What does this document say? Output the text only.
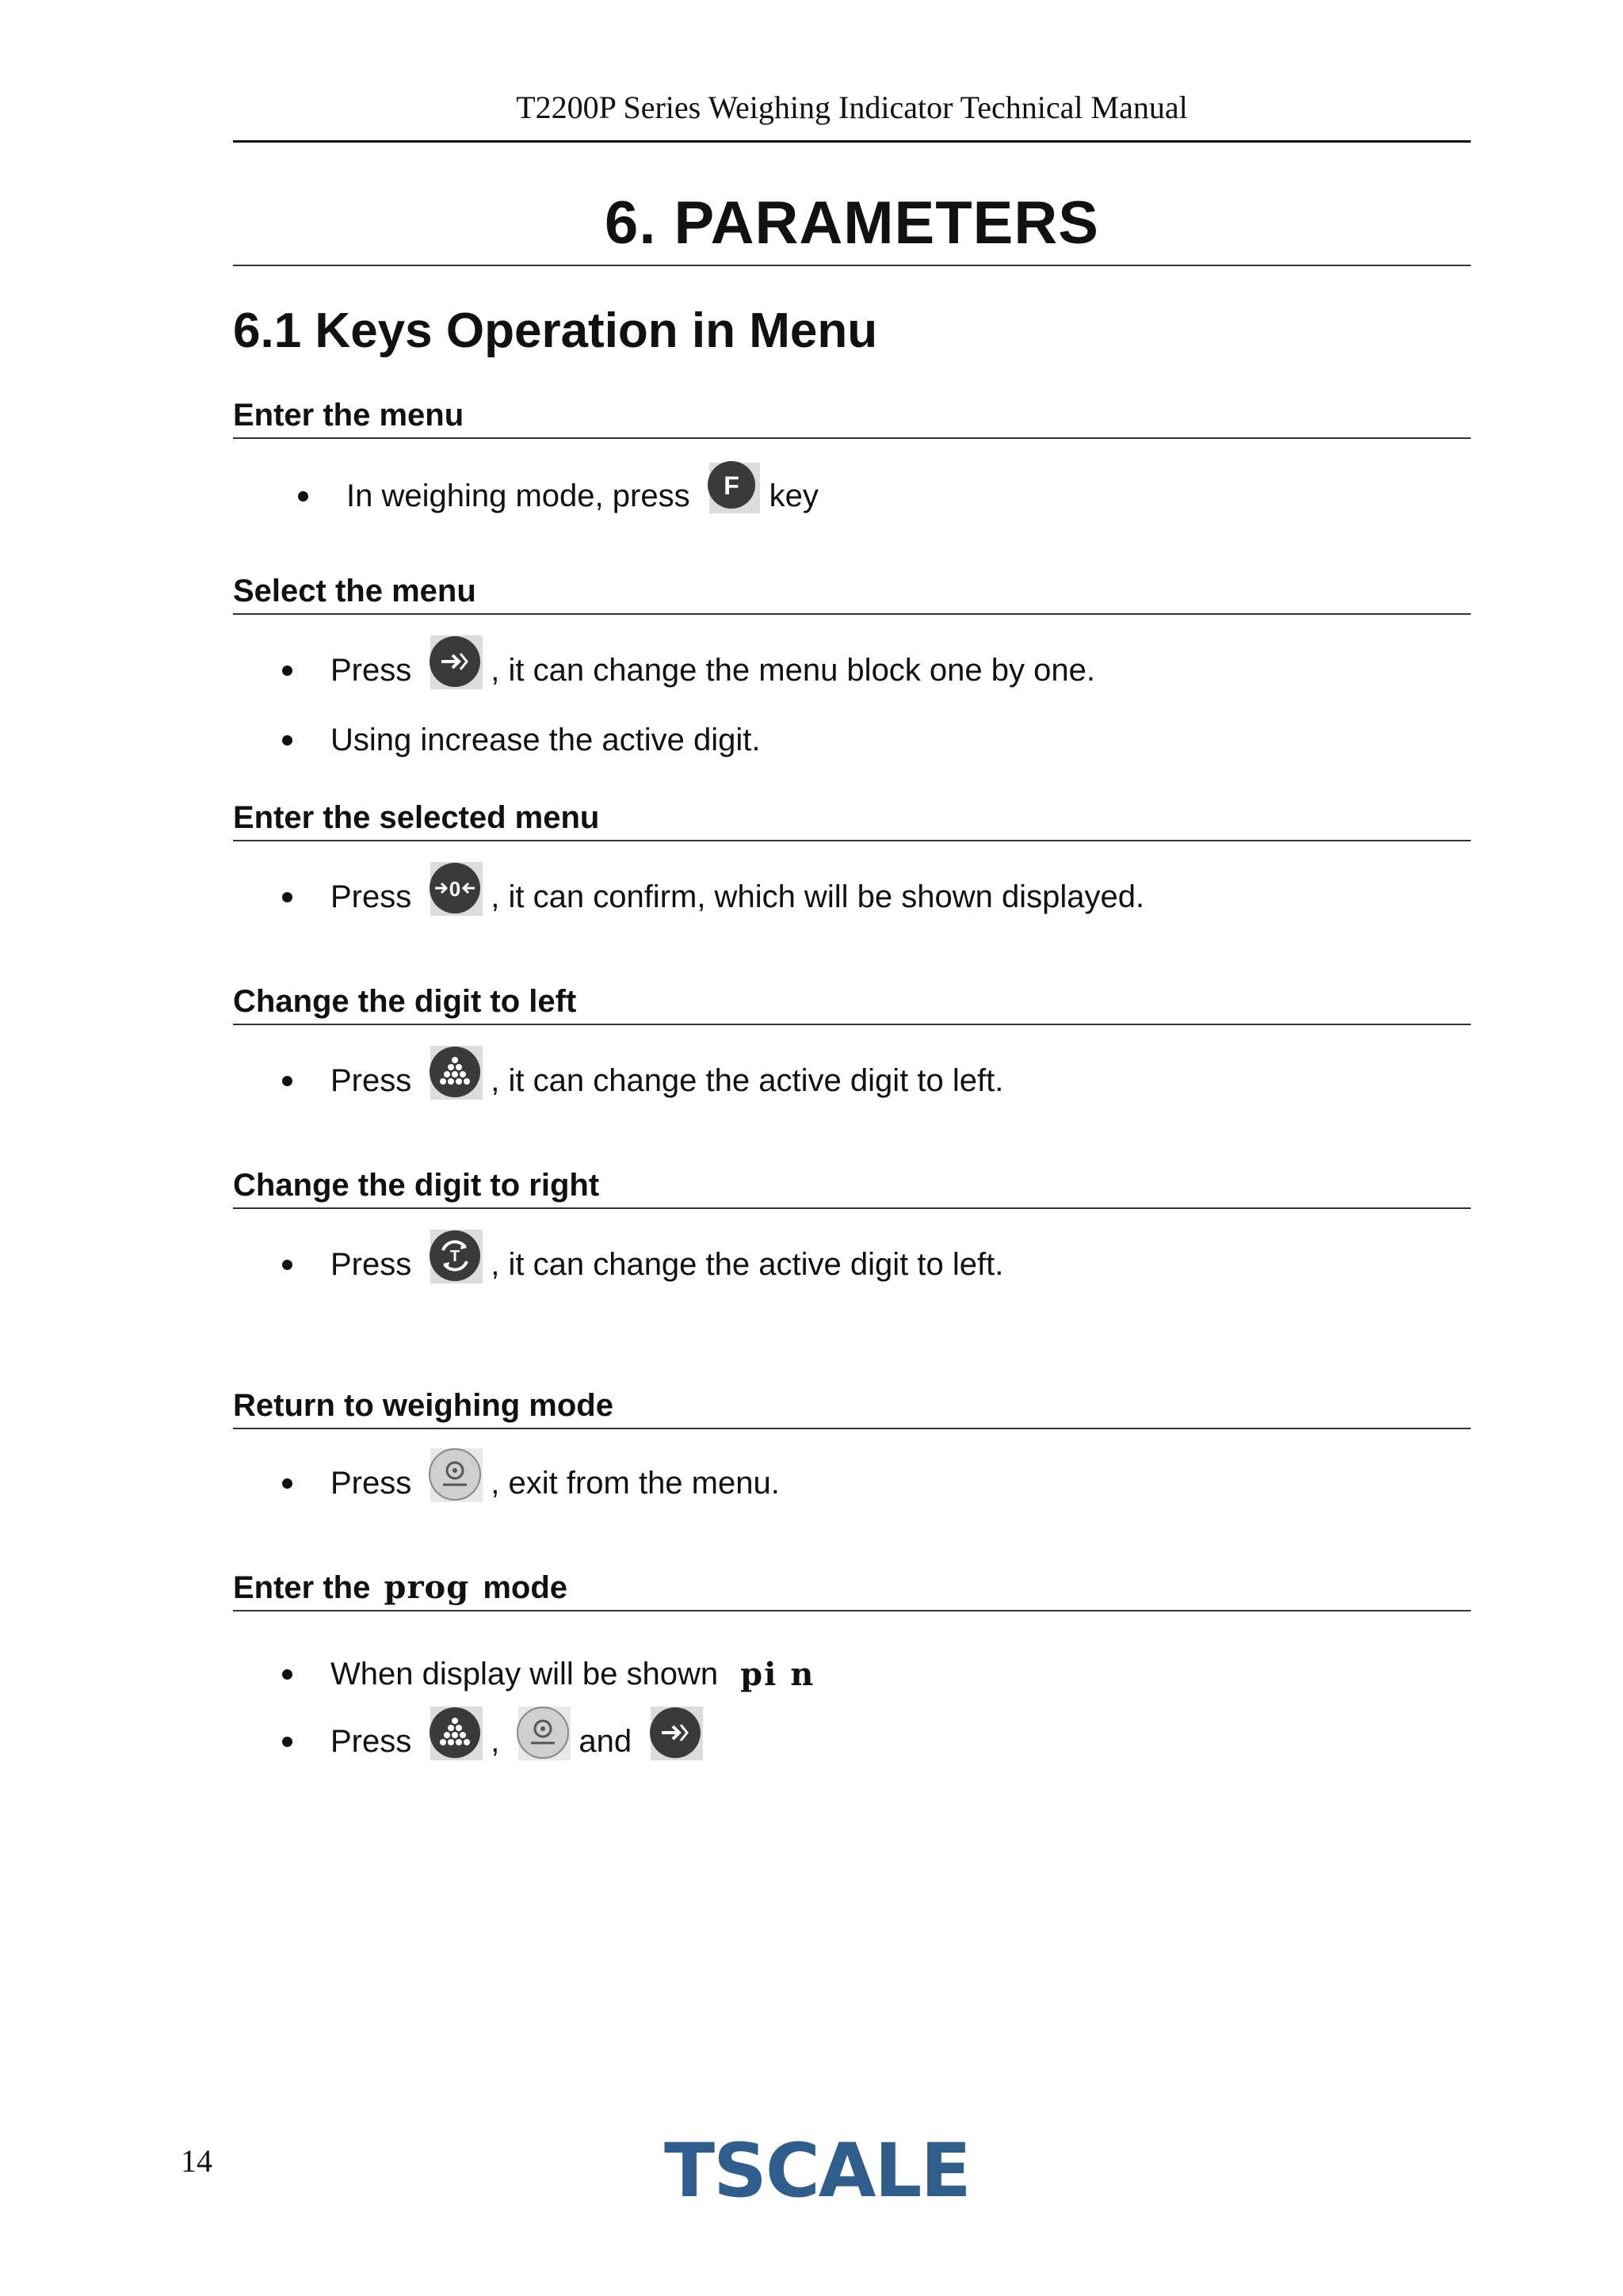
T2200P Series Weighing Indicator Technical Manual
6. PARAMETERS
6.1 Keys Operation in Menu
Enter the menu
In weighing mode, press F key
Select the menu
Press	, it can change the menu block one by one.
Using increase the active digit.
Enter the selected menu
Press 0 , it can confirm, which will be shown displayed.
Change the digit to left
Press	, it can change the active digit to left.
Change the digit to right
Press T , it can change the active digit to left.
Return to weighing mode
Press	, exit from the menu.
Enter the prog mode
When display will be shown pi n
Press	,	and
14	TSCALE
